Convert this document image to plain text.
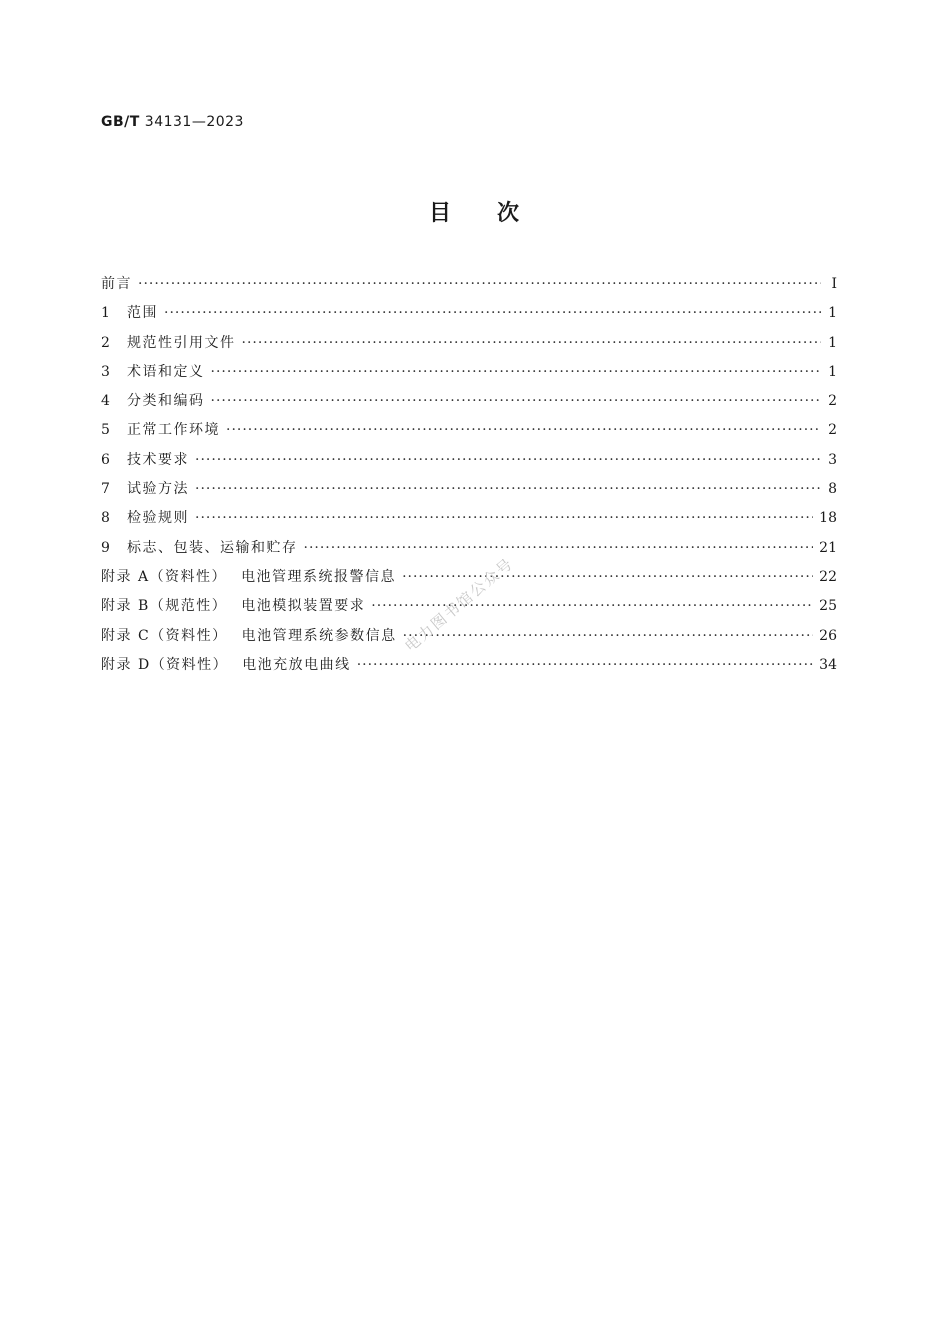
GB/T 34131—2023
目 次
前言 ·····	Ⅰ
1	范围 ·····	1
2	规范性引用文件 ·····	1
3	术语和定义 ·····	1
4	分类和编码 ·····	2
5	正常工作环境 ·····	2
6	技术要求 ·····	3
7	试验方法 ·····	8
8	检验规则 ·····	18
9	标志、包装、运输和贮存 ·····	21
附录 A （资料性） 电池管理系统报警信息 ·····	22
附录 B （规范性） 电池模拟装置要求 ·····	25
附录 C （资料性） 电池管理系统参数信息 ·····	26
附录 D （资料性） 电池充放电曲线 ·····	34
电力图书馆公众号
